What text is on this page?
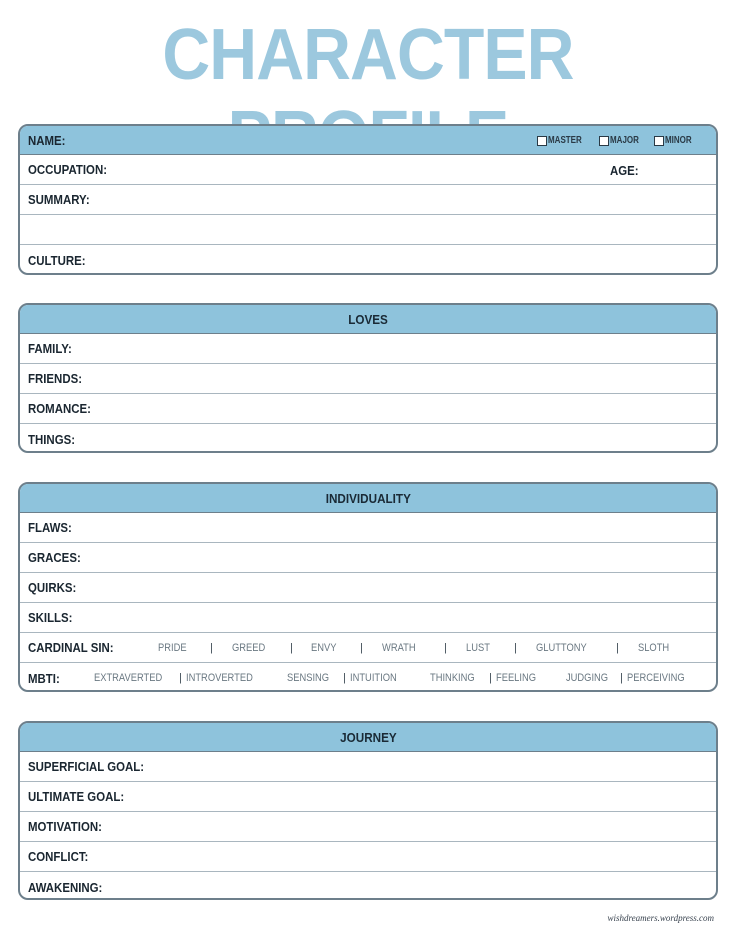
CHARACTER
NAME:	MASTER	MAJOR	MINOR
OCCUPATION:	AGE:
SUMMARY:
CULTURE:
LOVES
FAMILY:
FRIENDS:
ROMANCE:
THINGS:
INDIVIDUALITY
FLAWS:
GRACES:
QUIRKS:
SKILLS:
CARDINAL SIN:	PRIDE | GREED | ENVY | WRATH	| LUST | GLUTTONY	| SLOTH
MBTI:	EXTRAVERTED | INTROVERTED	SENSING | INTUITION	THINKING | FEELING	JUDGING | PERCEIVING
JOURNEY
SUPERFICIAL GOAL:
ULTIMATE GOAL:
MOTIVATION:
CONFLICT:
AWAKENING:
wishdreamers.wordpress.com
